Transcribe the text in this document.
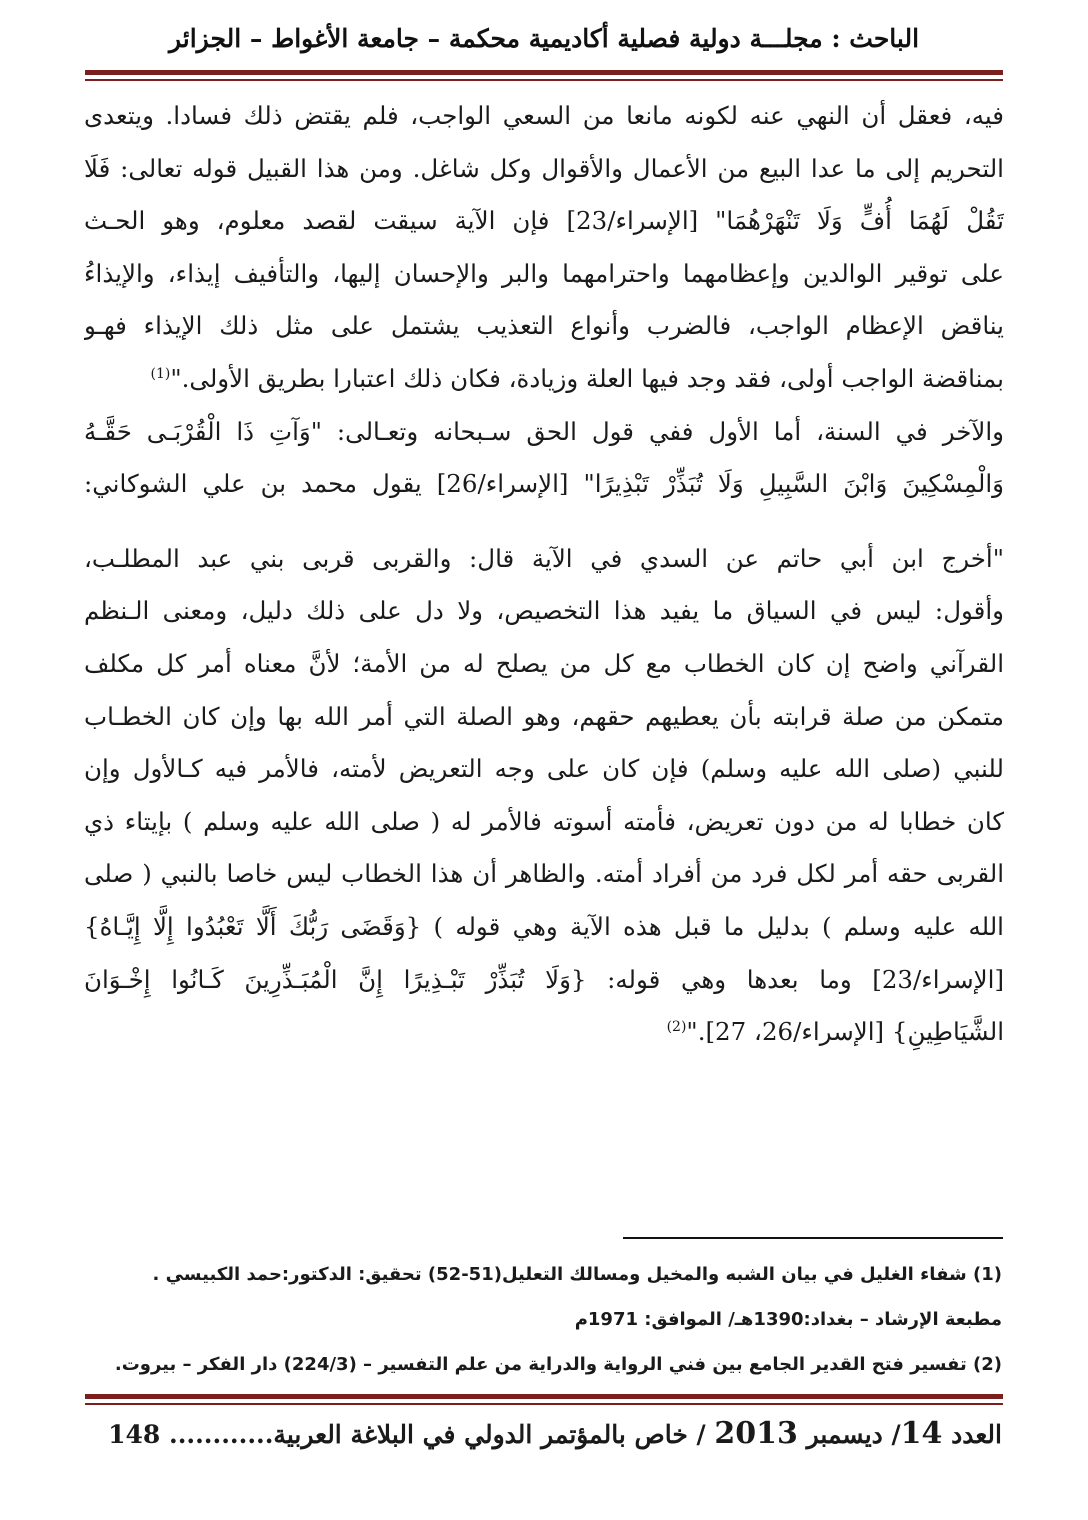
الباحث : مجلـــة دولية فصلية أكاديمية محكمة – جامعة الأغواط – الجزائر
فيه، فعقل أن النهي عنه لكونه مانعا من السعي الواجب، فلم يقتض ذلك فسادا. ويتعدى
التحريم إلى ما عدا البيع من الأعمال والأقوال وكل شاغل. ومن هذا القبيل قوله تعالى: فَلَا
تَقُلْ لَهُمَا أُفٍّ وَلَا تَنْهَرْهُمَا" [الإسراء/23] فإن الآية سيقت لقصد معلوم، وهو الحـث
على توقير الوالدين وإعظامهما واحترامهما والبر والإحسان إليها، والتأفيف إيذاء، والإيذاءُ
يناقض الإعظام الواجب، فالضرب وأنواع التعذيب يشتمل على مثل ذلك الإيذاء فهـو
بمناقضة الواجب أولى، فقد وجد فيها العلة وزيادة، فكان ذلك اعتبارا بطريق الأولى."$^{(1)}$
والآخر في السنة، أما الأول ففي قول الحق سـبحانه وتعـالى: "وَآتِ ذَا الْقُرْبَـى حَقَّـهُ
وَالْمِسْكِينَ وَابْنَ السَّبِيلِ وَلَا تُبَذِّرْ تَبْذِيرًا" [الإسراء/26] يقول محمد بن علي الشوكاني:
"أخرج ابن أبي حاتم عن السدي في الآية قال: والقربى قربى بني عبد المطلـب،
وأقول: ليس في السياق ما يفيد هذا التخصيص، ولا دل على ذلك دليل، ومعنى الـنظم
القرآني واضح إن كان الخطاب مع كل من يصلح له من الأمة؛ لأنَّ معناه أمر كل مكلف
متمكن من صلة قرابته بأن يعطيهم حقهم، وهو الصلة التي أمر الله بها وإن كان الخطـاب
للنبي (صلى الله عليه وسلم) فإن كان على وجه التعريض لأمته، فالأمر فيه كـالأول وإن
كان خطابا له من دون تعريض، فأمته أسوته فالأمر له ( صلى الله عليه وسلم ) بإيتاء ذي
القربى حقه أمر لكل فرد من أفراد أمته. والظاهر أن هذا الخطاب ليس خاصا بالنبي ( صلى
الله عليه وسلم ) بدليل ما قبل هذه الآية وهي قوله ) {وَقَضَى رَبُّكَ أَلَّا تَعْبُدُوا إِلَّا إِيَّـاهُ}
[الإسراء/23] وما بعدها وهي قوله: {وَلَا تُبَذِّرْ تَبْـذِيرًا إِنَّ الْمُبَـذِّرِينَ كَـانُوا إِخْـوَانَ
الشَّيَاطِينِ} [الإسراء/26، 27]."$^{(2)}$
(1) شفاء الغليل في بيان الشبه والمخيل ومسالك التعليل(51-52) تحقيق: الدكتور:حمد الكبيسي .
مطبعة الإرشاد – بغداد:1390هـ/ الموافق: 1971م
(2) تفسير فتح القدير الجامع بين فني الرواية والدراية من علم التفسير – (224/3) دار الفكر – بيروت.
العدد 14/ ديسمبر 2013 / خاص بالمؤتمر الدولي في البلاغة العربية............ 148
